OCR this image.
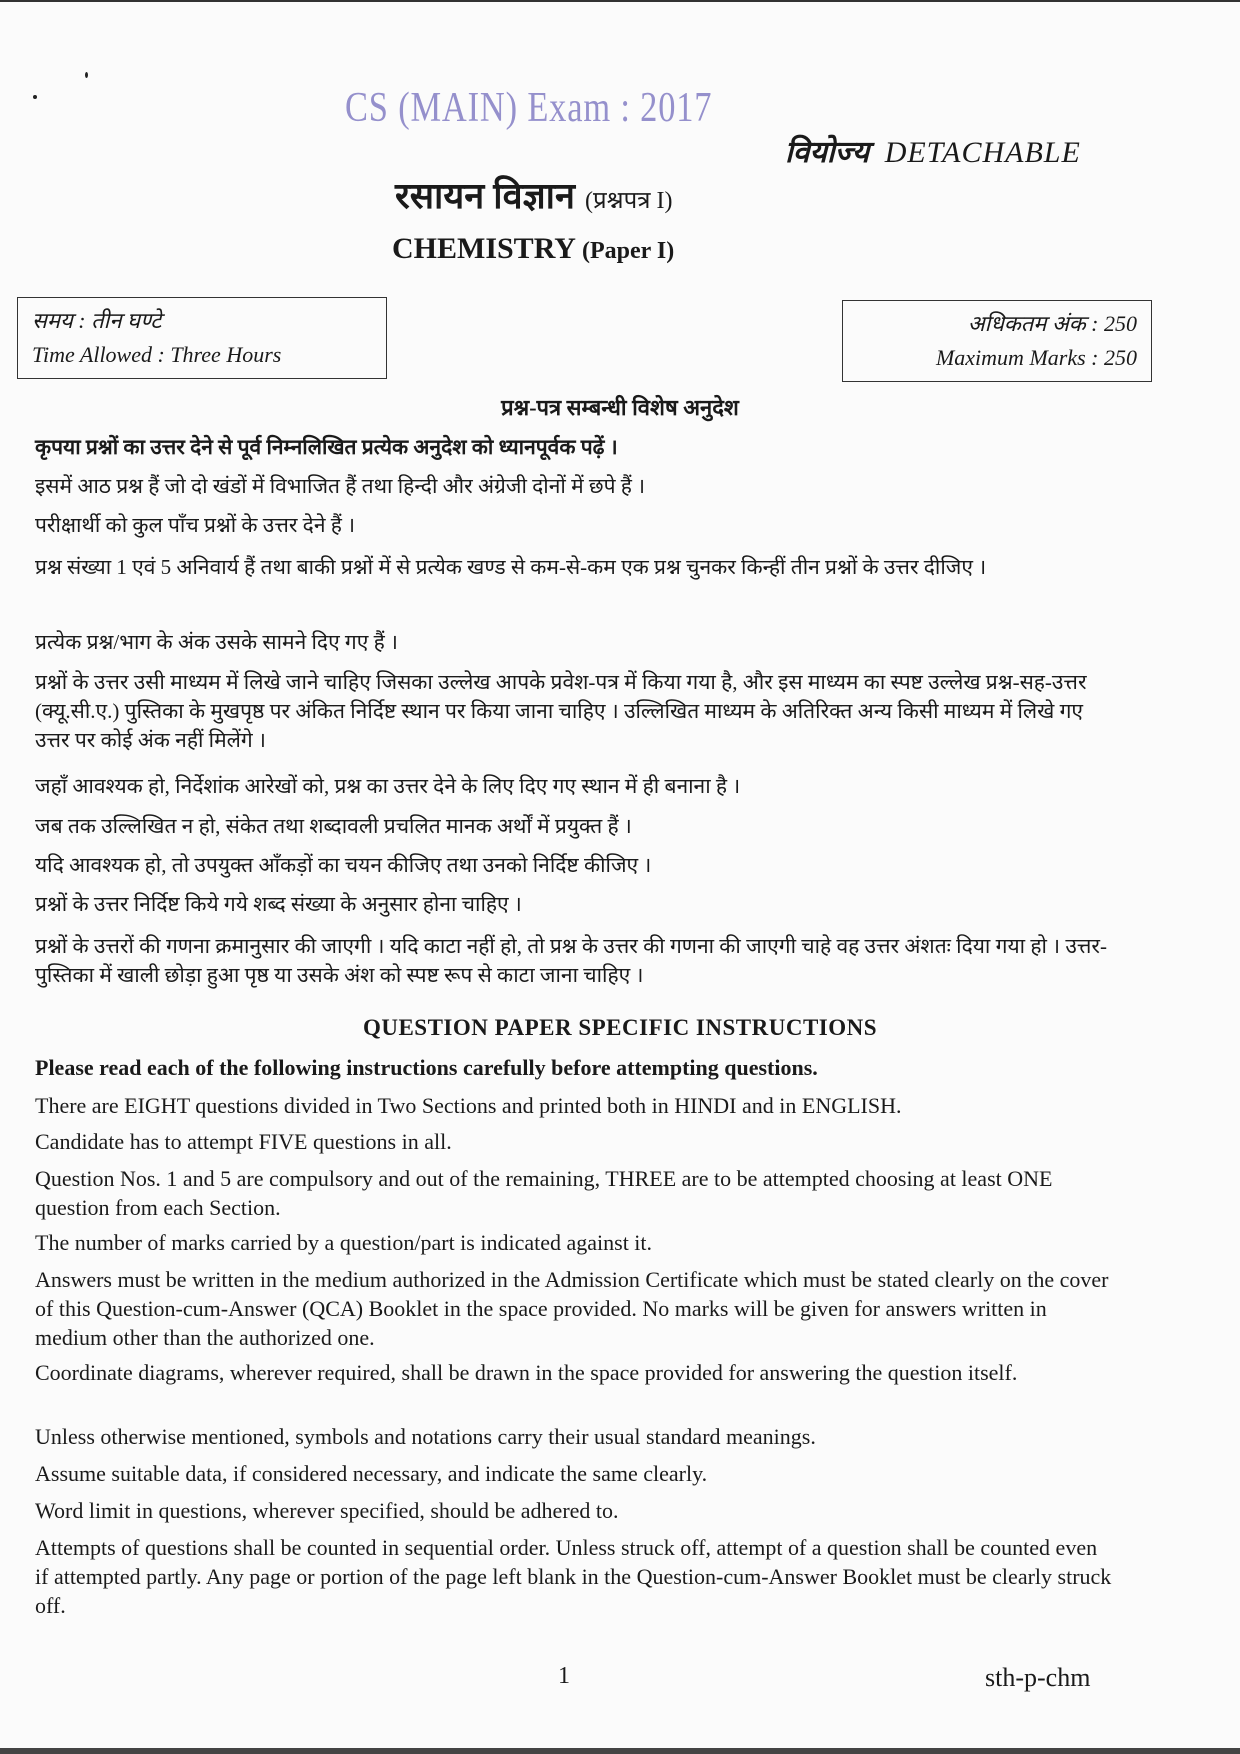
CS (MAIN) Exam : 2017
वियोज्य DETACHABLE
रसायन विज्ञान (प्रश्नपत्र I)
CHEMISTRY (Paper I)
समय : तीन घण्टे
Time Allowed : Three Hours
अधिकतम अंक : 250
Maximum Marks : 250
प्रश्न-पत्र सम्बन्धी विशेष अनुदेश
कृपया प्रश्नों का उत्तर देने से पूर्व निम्नलिखित प्रत्येक अनुदेश को ध्यानपूर्वक पढ़ें ।
इसमें आठ प्रश्न हैं जो दो खंडों में विभाजित हैं तथा हिन्दी और अंग्रेजी दोनों में छपे हैं ।
परीक्षार्थी को कुल पाँच प्रश्नों के उत्तर देने हैं ।
प्रश्न संख्या 1 एवं 5 अनिवार्य हैं तथा बाकी प्रश्नों में से प्रत्येक खण्ड से कम-से-कम एक प्रश्न चुनकर किन्हीं तीन प्रश्नों के उत्तर दीजिए ।
प्रत्येक प्रश्न/भाग के अंक उसके सामने दिए गए हैं ।
प्रश्नों के उत्तर उसी माध्यम में लिखे जाने चाहिए जिसका उल्लेख आपके प्रवेश-पत्र में किया गया है, और इस माध्यम का स्पष्ट उल्लेख प्रश्न-सह-उत्तर (क्यू.सी.ए.) पुस्तिका के मुखपृष्ठ पर अंकित निर्दिष्ट स्थान पर किया जाना चाहिए । उल्लिखित माध्यम के अतिरिक्त अन्य किसी माध्यम में लिखे गए उत्तर पर कोई अंक नहीं मिलेंगे ।
जहाँ आवश्यक हो, निर्देशांक आरेखों को, प्रश्न का उत्तर देने के लिए दिए गए स्थान में ही बनाना है ।
जब तक उल्लिखित न हो, संकेत तथा शब्दावली प्रचलित मानक अर्थों में प्रयुक्त हैं ।
यदि आवश्यक हो, तो उपयुक्त आँकड़ों का चयन कीजिए तथा उनको निर्दिष्ट कीजिए ।
प्रश्नों के उत्तर निर्दिष्ट किये गये शब्द संख्या के अनुसार होना चाहिए ।
प्रश्नों के उत्तरों की गणना क्रमानुसार की जाएगी । यदि काटा नहीं हो, तो प्रश्न के उत्तर की गणना की जाएगी चाहे वह उत्तर अंशतः दिया गया हो । उत्तर-पुस्तिका में खाली छोड़ा हुआ पृष्ठ या उसके अंश को स्पष्ट रूप से काटा जाना चाहिए ।
QUESTION PAPER SPECIFIC INSTRUCTIONS
Please read each of the following instructions carefully before attempting questions.
There are EIGHT questions divided in Two Sections and printed both in HINDI and in ENGLISH.
Candidate has to attempt FIVE questions in all.
Question Nos. 1 and 5 are compulsory and out of the remaining, THREE are to be attempted choosing at least ONE question from each Section.
The number of marks carried by a question/part is indicated against it.
Answers must be written in the medium authorized in the Admission Certificate which must be stated clearly on the cover of this Question-cum-Answer (QCA) Booklet in the space provided. No marks will be given for answers written in medium other than the authorized one.
Coordinate diagrams, wherever required, shall be drawn in the space provided for answering the question itself.
Unless otherwise mentioned, symbols and notations carry their usual standard meanings.
Assume suitable data, if considered necessary, and indicate the same clearly.
Word limit in questions, wherever specified, should be adhered to.
Attempts of questions shall be counted in sequential order. Unless struck off, attempt of a question shall be counted even if attempted partly. Any page or portion of the page left blank in the Question-cum-Answer Booklet must be clearly struck off.
1	sth-p-chm
